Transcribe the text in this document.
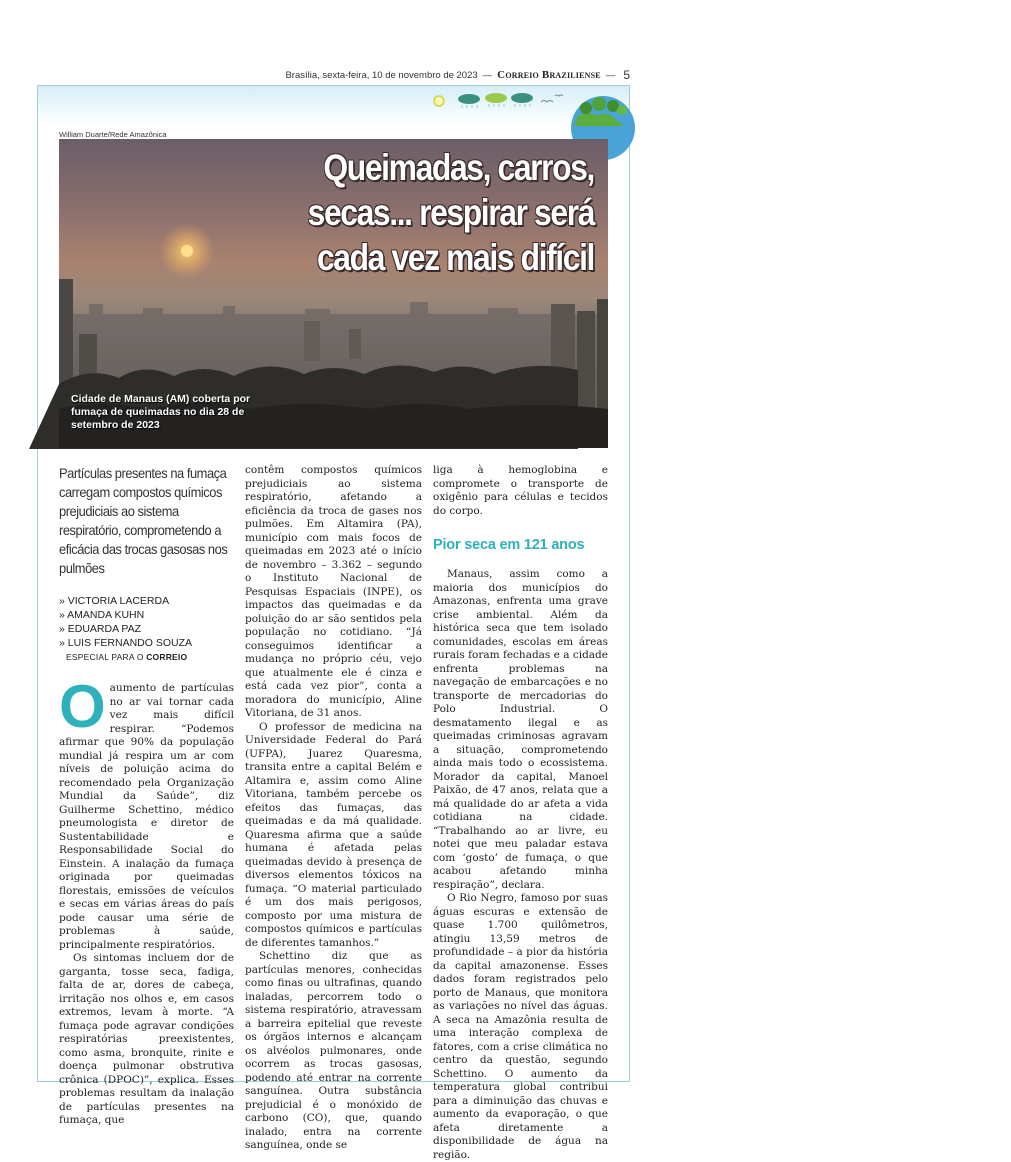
Brasília, sexta-feira, 10 de novembro de 2023 — Correio Braziliense — 5
William Duarte/Rede Amazônica
Queimadas, carros,
secas... respirar será
cada vez mais difícil
Cidade de Manaus (AM) coberta por fumaça de queimadas no dia 28 de setembro de 2023
Partículas presentes na fumaça carregam compostos químicos prejudiciais ao sistema respiratório, comprometendo a eficácia das trocas gasosas nos pulmões
» VICTORIA LACERDA
» AMANDA KUHN
» EDUARDA PAZ
» LUIS FERNANDO SOUZA
ESPECIAL PARA O CORREIO

Oaumento de partículas no ar vai tornar cada vez mais difícil respirar. “Podemos afirmar que 90% da população mundial já respira um ar com níveis de poluição acima do recomendado pela Organização Mundial da Saúde”, diz Guilherme Schettino, médico pneumologista e diretor de Sustentabilidade e Responsabilidade Social do Einstein. A inalação da fumaça originada por queimadas florestais, emissões de veículos e secas em várias áreas do país pode causar uma série de problemas à saúde, principalmente respiratórios.

Os sintomas incluem dor de garganta, tosse seca, fadiga, falta de ar, dores de cabeça, irritação nos olhos e, em casos extremos, levam à morte. “A fumaça pode agravar condições respiratórias preexistentes, como asma, bronquite, rinite e doença pulmonar obstrutiva crônica (DPOC)”, explica. Esses problemas resultam da inalação de partículas presentes na fumaça, que

contêm compostos químicos prejudiciais ao sistema respiratório, afetando a eficiência da troca de gases nos pulmões. Em Altamira (PA), município com mais focos de queimadas em 2023 até o início de novembro – 3.362 – segundo o Instituto Nacional de Pesquisas Espaciais (INPE), os impactos das queimadas e da poluição do ar são sentidos pela população no cotidiano. “Já conseguimos identificar a mudança no próprio céu, vejo que atualmente ele é cinza e está cada vez pior”, conta a moradora do município, Aline Vitoriana, de 31 anos.

O professor de medicina na Universidade Federal do Pará (UFPA), Juarez Quaresma, transita entre a capital Belém e Altamira e, assim como Aline Vitoriana, também percebe os efeitos das fumaças, das queimadas e da má qualidade. Quaresma afirma que a saúde humana é afetada pelas queimadas devido à presença de diversos elementos tóxicos na fumaça. “O material particulado é um dos mais perigosos, composto por uma mistura de compostos químicos e partículas de diferentes tamanhos.”

Schettino diz que as partículas menores, conhecidas como finas ou ultrafinas, quando inaladas, percorrem todo o sistema respiratório, atravessam a barreira epitelial que reveste os órgãos internos e alcançam os alvéolos pulmonares, onde ocorrem as trocas gasosas, podendo até entrar na corrente sanguínea. Outra substância prejudicial é o monóxido de carbono (CO), que, quando inalado, entra na corrente sanguínea, onde se

liga à hemoglobina e compromete o transporte de oxigênio para células e tecidos do corpo.

Pior seca em 121 anos

Manaus, assim como a maioria dos municípios do Amazonas, enfrenta uma grave crise ambiental. Além da histórica seca que tem isolado comunidades, escolas em áreas rurais foram fechadas e a cidade enfrenta problemas na navegação de embarcações e no transporte de mercadorias do Polo Industrial. O desmatamento ilegal e as queimadas criminosas agravam a situação, comprometendo ainda mais todo o ecossistema. Morador da capital, Manoel Paixão, de 47 anos, relata que a má qualidade do ar afeta a vida cotidiana na cidade. “Trabalhando ao ar livre, eu notei que meu paladar estava com ‘gosto’ de fumaça, o que acabou afetando minha respiração”, declara.

O Rio Negro, famoso por suas águas escuras e extensão de quase 1.700 quilômetros, atingiu 13,59 metros de profundidade – a pior da história da capital amazonense. Esses dados foram registrados pelo porto de Manaus, que monitora as variações no nível das águas. A seca na Amazônia resulta de uma interação complexa de fatores, com a crise climática no centro da questão, segundo Schettino. O aumento da temperatura global contribui para a diminuição das chuvas e aumento da evaporação, o que afeta diretamente a disponibilidade de água na região.
